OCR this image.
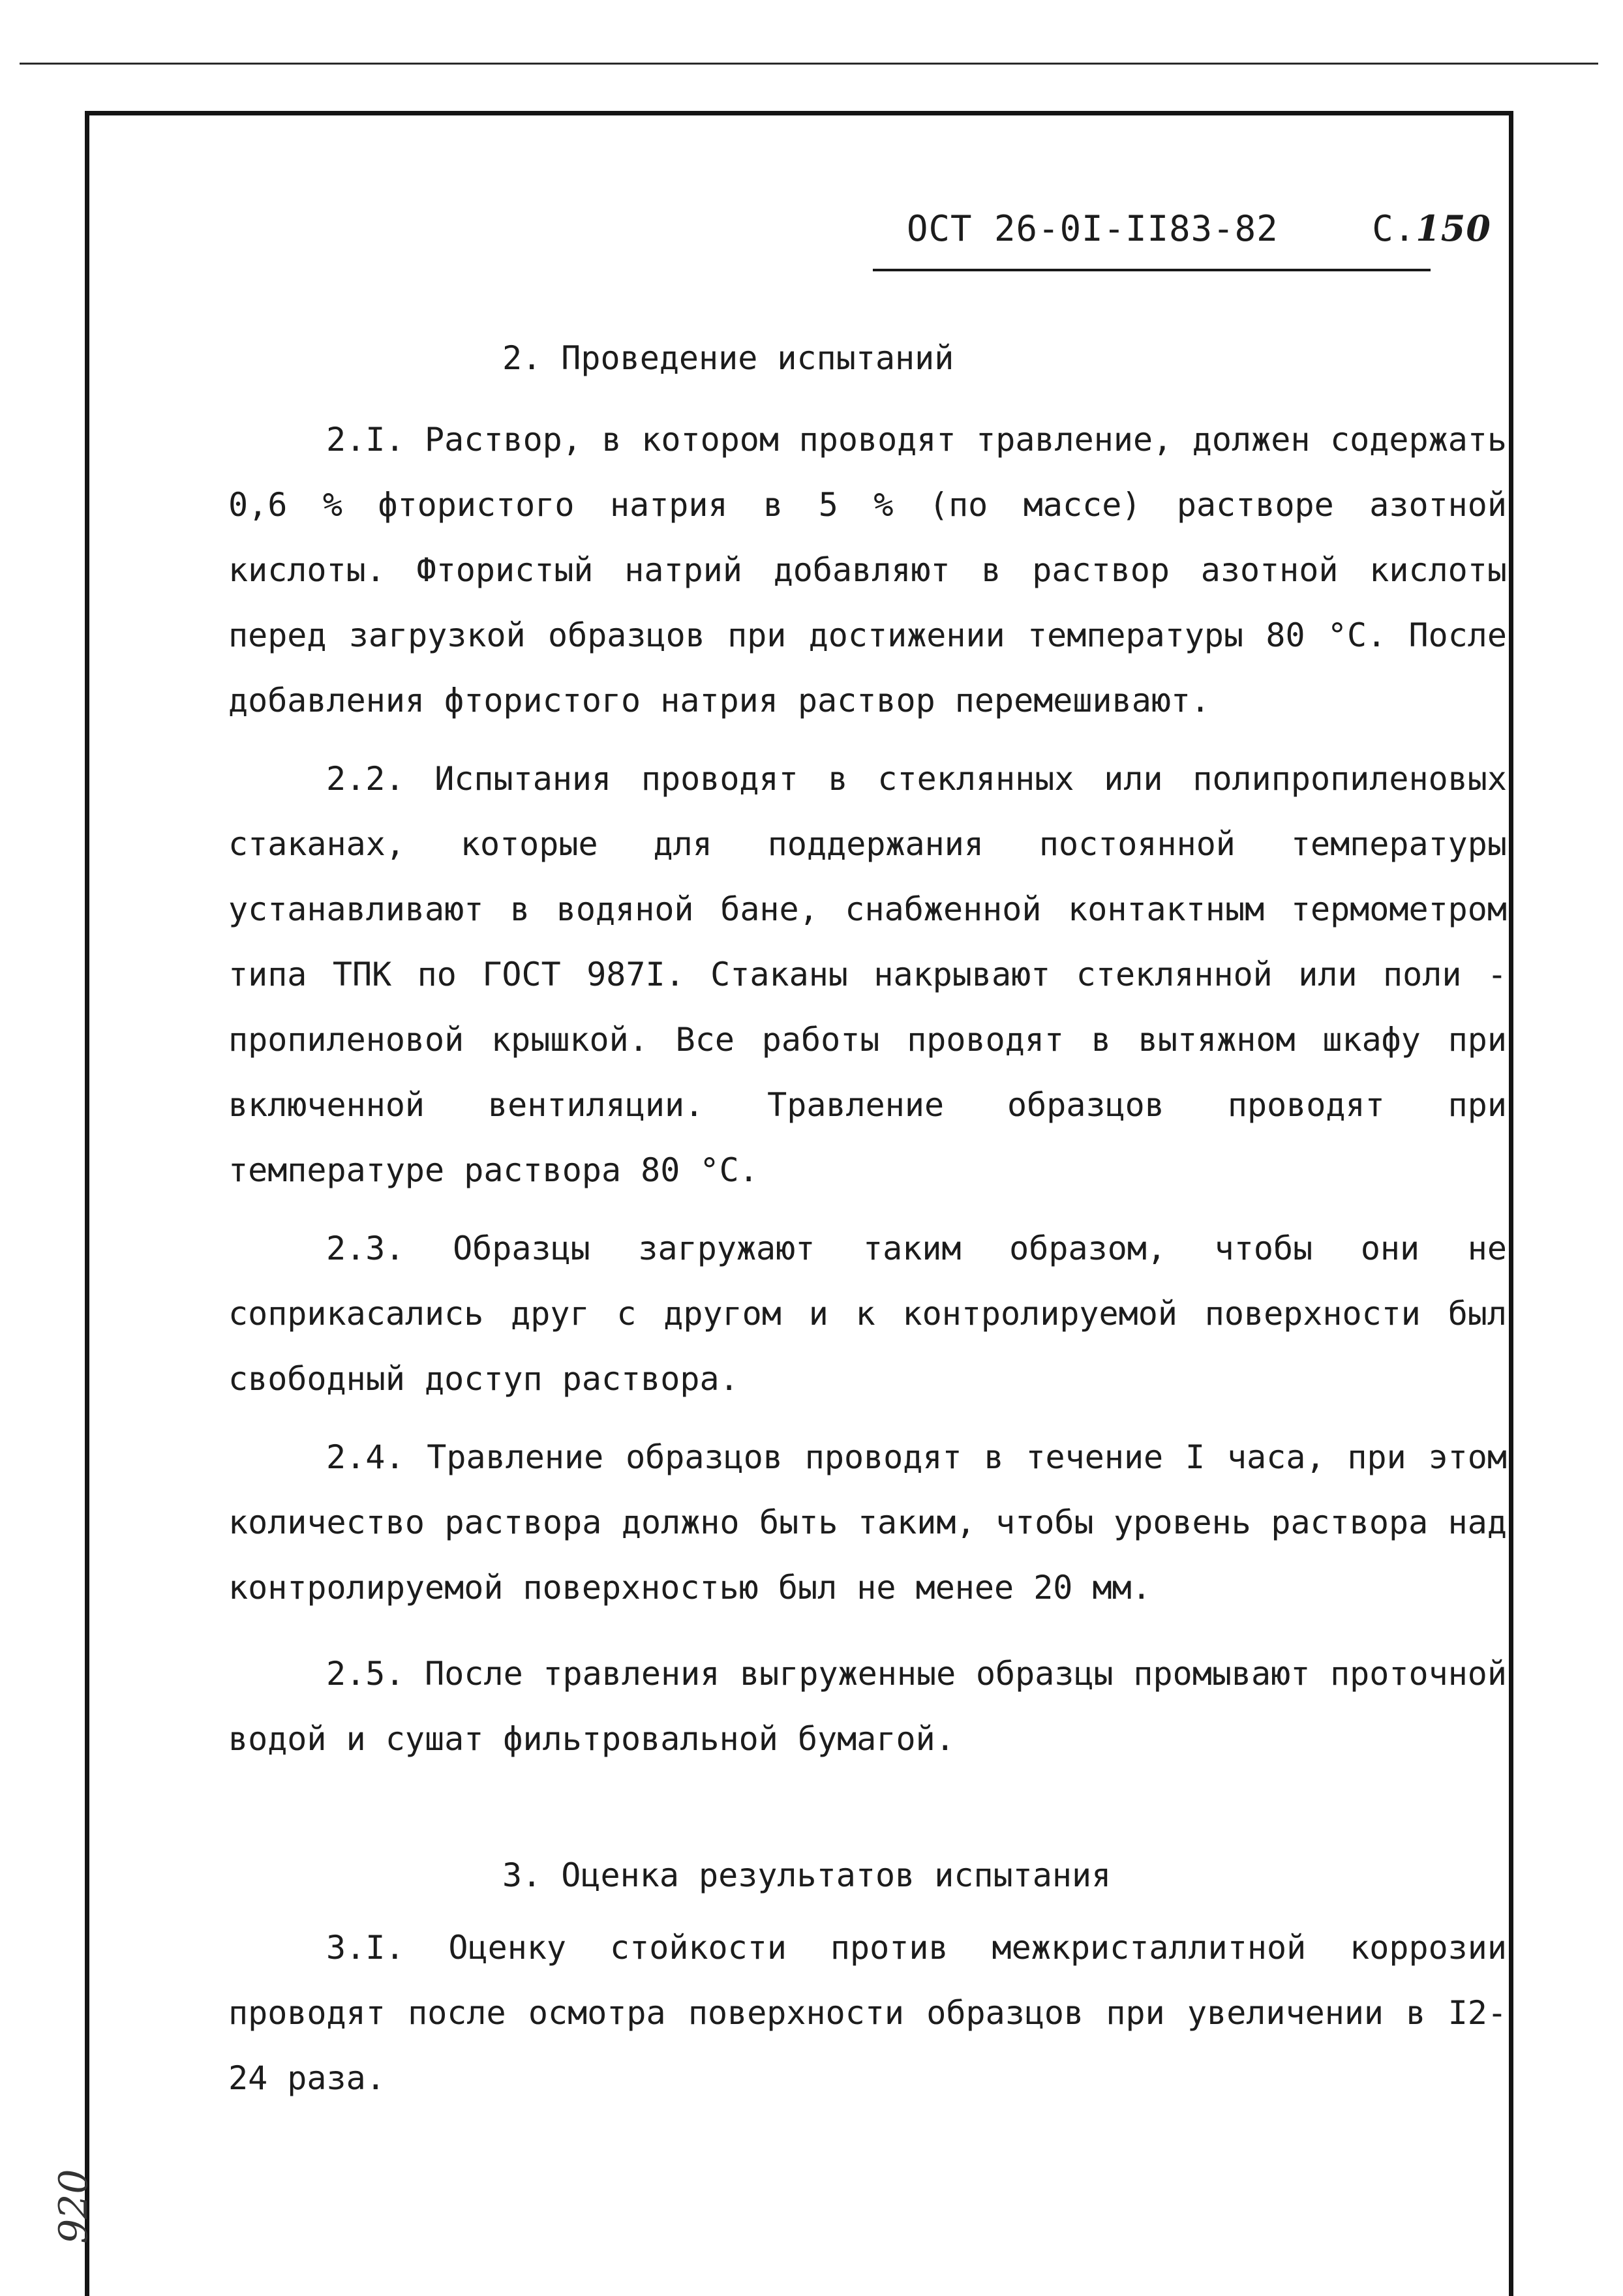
ОСТ 26-0I-II83-82	С.150
2. Проведение испытаний
2.I. Раствор, в котором проводят травление, должен содержать 0,6 % фтористого натрия в 5 % (по массе) растворе азотной кислоты. Фтористый натрий добавляют в раствор азотной кислоты перед загрузкой образцов при достижении температуры 80 °С. После добавления фтористого натрия раствор перемешивают.
2.2. Испытания проводят в стеклянных или полипропиленовых стаканах, которые для поддержания постоянной температуры устанавливают в водяной бане, снабженной контактным термометром типа ТПК по ГОСТ 987I. Стаканы накрывают стеклянной или поли - пропиленовой крышкой. Все работы проводят в вытяжном шкафу при включенной вентиляции. Травление образцов проводят при температуре раствора 80 °С.
2.3. Образцы загружают таким образом, чтобы они не соприкасались друг с другом и к контролируемой поверхности был свободный доступ раствора.
2.4. Травление образцов проводят в течение I часа, при этом количество раствора должно быть таким, чтобы уровень раствора над контролируемой поверхностью был не менее 20 мм.
2.5. После травления выгруженные образцы промывают проточной водой и сушат фильтровальной бумагой.
3. Оценка результатов испытания
3.I. Оценку стойкости против межкристаллитной коррозии проводят после осмотра поверхности образцов при увеличении в I2-24 раза.
920
